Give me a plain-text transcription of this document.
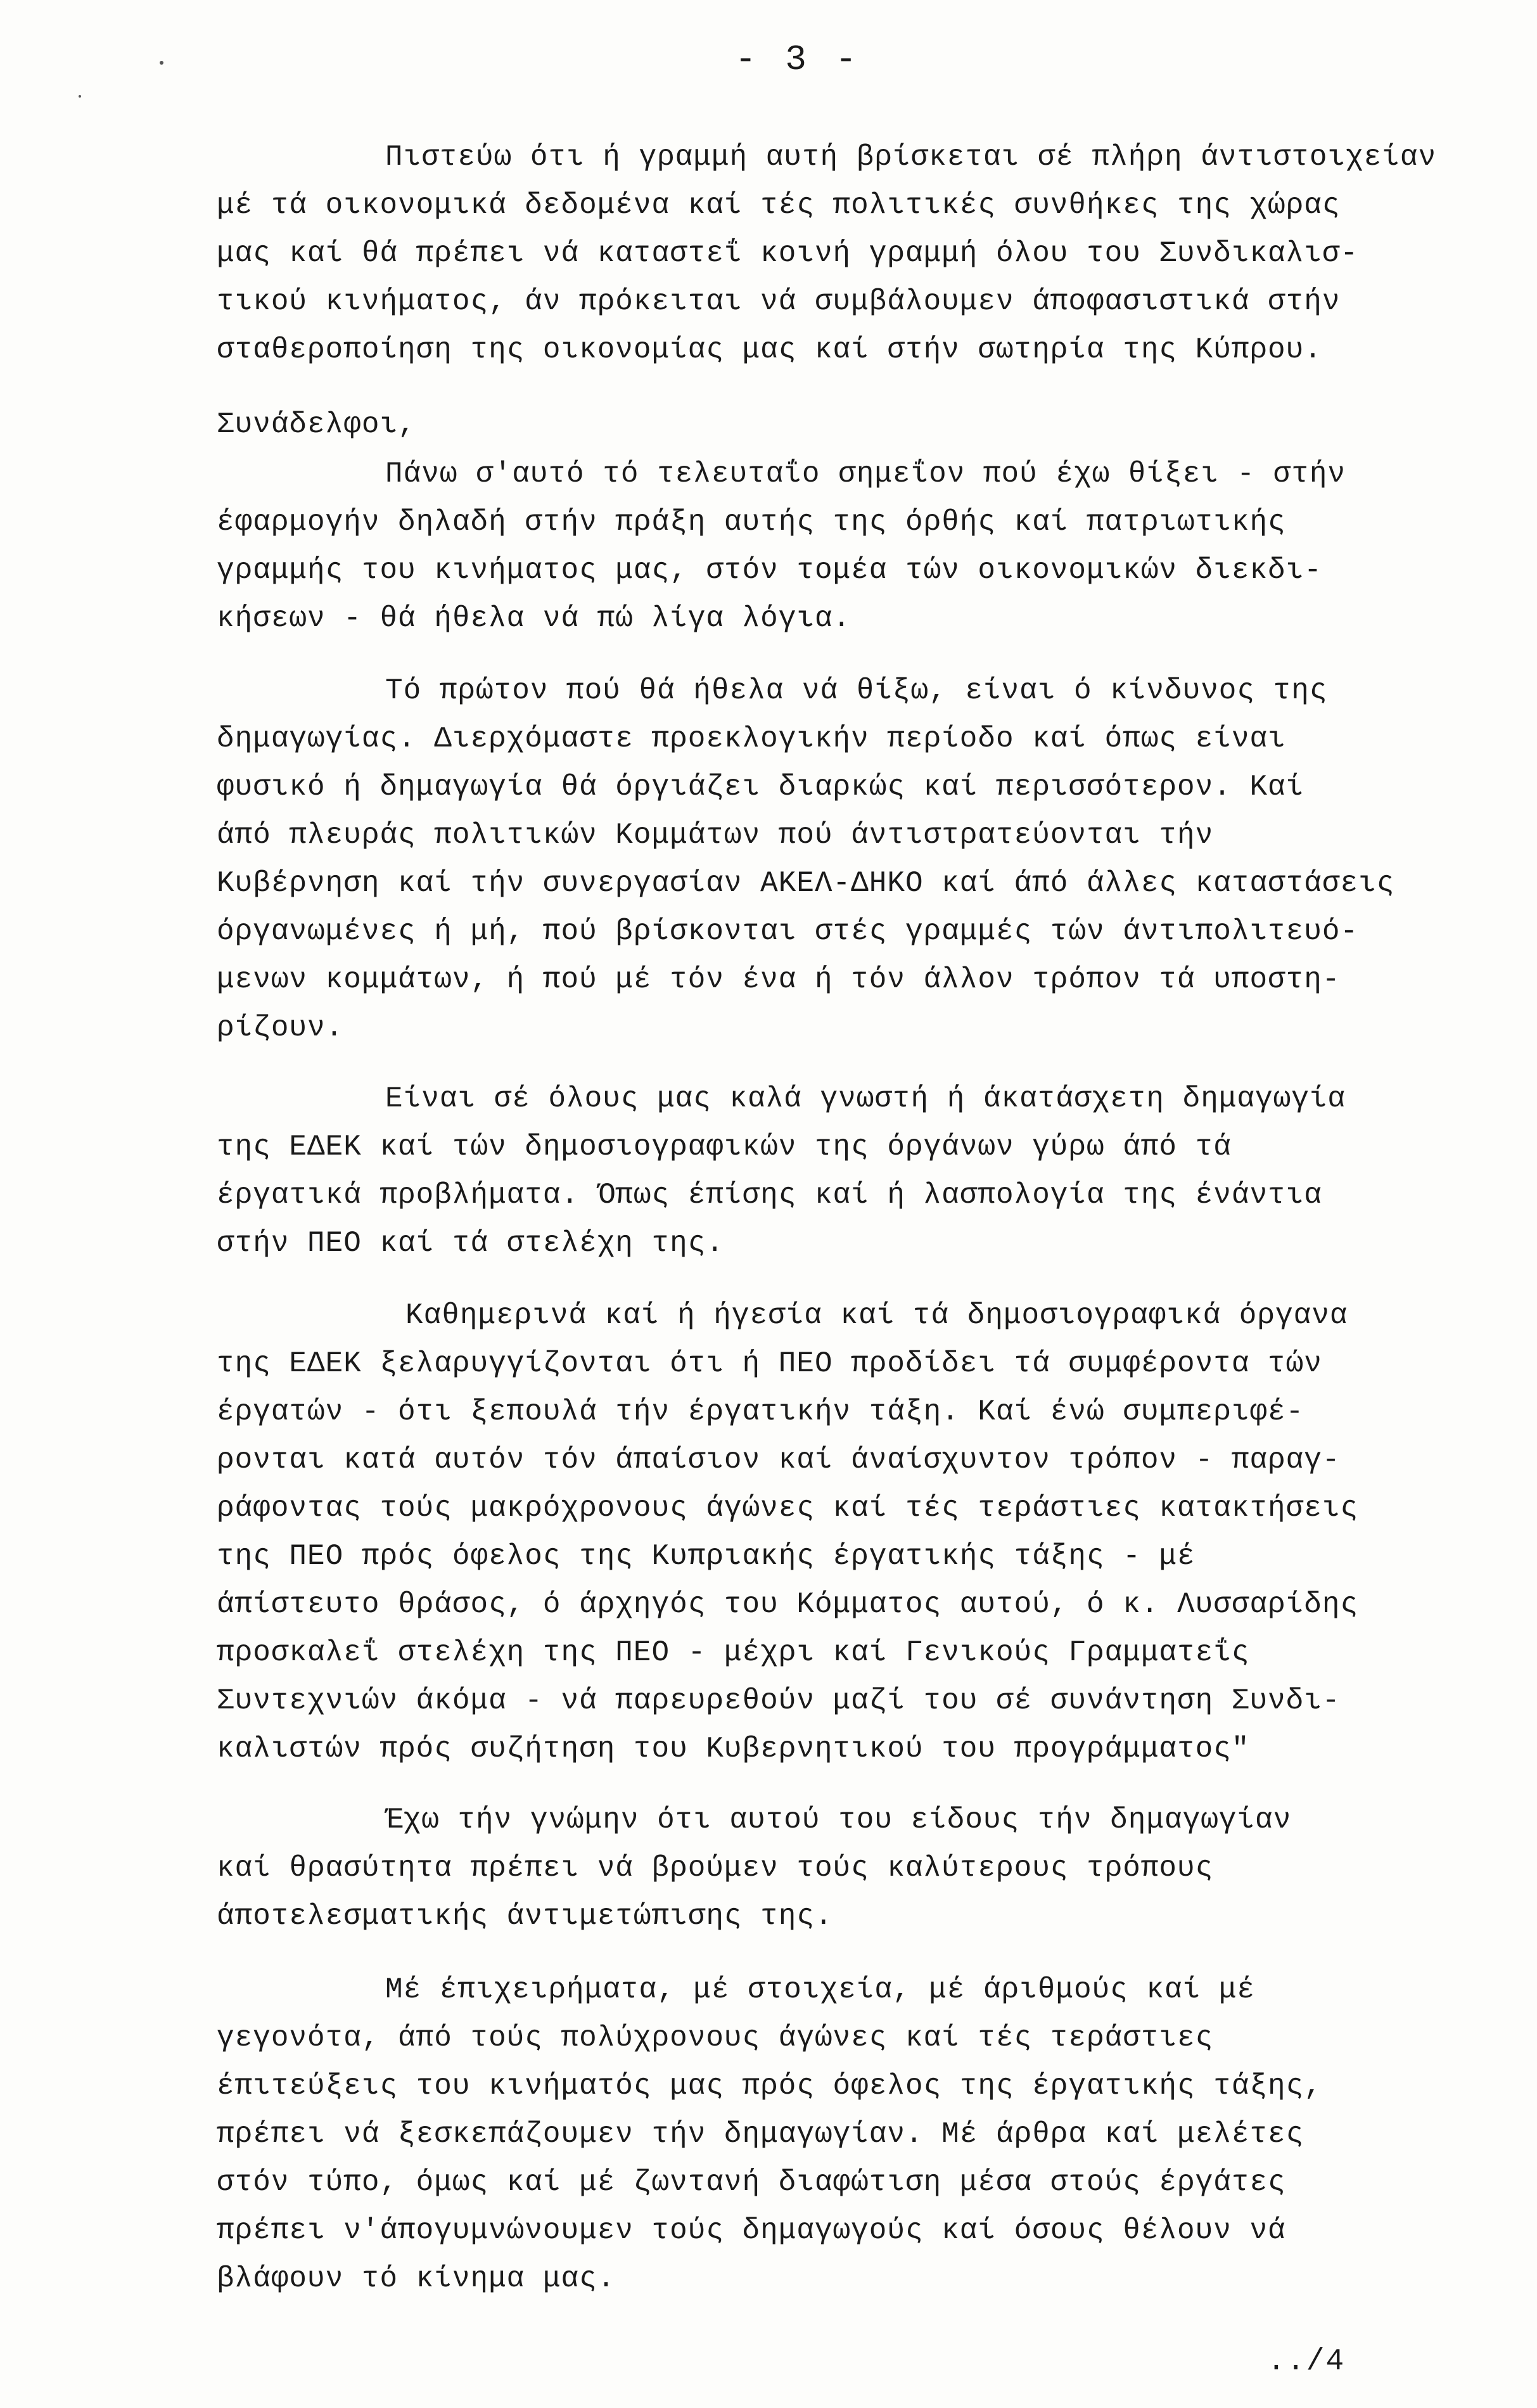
- 3 -
Πιστεύω ότι ή γραμμή αυτή βρίσκεται σέ πλήρη άντιστοιχείαν
μέ τά οικονομικά δεδομένα καί τές πολιτικές συνθήκες της χώρας
μας καί θά πρέπει νά καταστεΐ κοινή γραμμή όλου του Συνδικαλισ-
τικού κινήματος, άν πρόκειται νά συμβάλουμεν άποφασιστικά στήν
σταθεροποίηση της οικονομίας μας καί στήν σωτηρία της Κύπρου.
Συνάδελφοι,
Πάνω σ'αυτό τό τελευταΐο σημεΐον πού έχω θίξει - στήν
έφαρμογήν δηλαδή στήν πράξη αυτής της όρθής καί πατριωτικής
γραμμής του κινήματος μας, στόν τομέα τών οικονομικών διεκδι-
κήσεων - θά ήθελα νά πώ λίγα λόγια.
Τό πρώτον πού θά ήθελα νά θίξω, είναι ό κίνδυνος της
δημαγωγίας. Διερχόμαστε προεκλογικήν περίοδο καί όπως είναι
φυσικό ή δημαγωγία θά όργιάζει διαρκώς καί περισσότερον. Καί
άπό πλευράς πολιτικών Κομμάτων πού άντιστρατεύονται τήν
Κυβέρνηση καί τήν συνεργασίαν ΑΚΕΛ-ΔΗΚΟ καί άπό άλλες καταστάσεις
όργανωμένες ή μή, πού βρίσκονται στές γραμμές τών άντιπολιτευό-
μενων κομμάτων, ή πού μέ τόν ένα ή τόν άλλον τρόπον τά υποστη-
ρίζουν.
Είναι σέ όλους μας καλά γνωστή ή άκατάσχετη δημαγωγία
της ΕΔΕΚ καί τών δημοσιογραφικών της όργάνων γύρω άπό τά
έργατικά προβλήματα. Όπως έπίσης καί ή λασπολογία της ένάντια
στήν ΠΕΟ καί τά στελέχη της.
Καθημερινά καί ή ήγεσία καί τά δημοσιογραφικά όργανα
της ΕΔΕΚ ξελαρυγγίζονται ότι ή ΠΕΟ προδίδει τά συμφέροντα τών
έργατών - ότι ξεπουλά τήν έργατικήν τάξη. Καί ένώ συμπεριφέ-
ρονται κατά αυτόν τόν άπαίσιον καί άναίσχυντον τρόπον - παραγ-
ράφοντας τούς μακρόχρονους άγώνες καί τές τεράστιες κατακτήσεις
της ΠΕΟ πρός όφελος της Κυπριακής έργατικής τάξης - μέ
άπίστευτο θράσος, ό άρχηγός του Κόμματος αυτού, ό κ. Λυσσαρίδης
προσκαλεΐ στελέχη της ΠΕΟ - μέχρι καί Γενικούς Γραμματεΐς
Συντεχνιών άκόμα - νά παρευρεθούν μαζί του σέ συνάντηση Συνδι-
καλιστών πρός συζήτηση του Κυβερνητικού του προγράμματος"
Έχω τήν γνώμην ότι αυτού του είδους τήν δημαγωγίαν
καί θρασύτητα πρέπει νά βρούμεν τούς καλύτερους τρόπους
άποτελεσματικής άντιμετώπισης της.
Μέ έπιχειρήματα, μέ στοιχεία, μέ άριθμούς καί μέ
γεγονότα, άπό τούς πολύχρονους άγώνες καί τές τεράστιες
έπιτεύξεις του κινήματός μας πρός όφελος της έργατικής τάξης,
πρέπει νά ξεσκεπάζουμεν τήν δημαγωγίαν. Μέ άρθρα καί μελέτες
στόν τύπο, όμως καί μέ ζωντανή διαφώτιση μέσα στούς έργάτες
πρέπει ν'άπογυμνώνουμεν τούς δημαγωγούς καί όσους θέλουν νά
βλάφουν τό κίνημα μας.
../4
